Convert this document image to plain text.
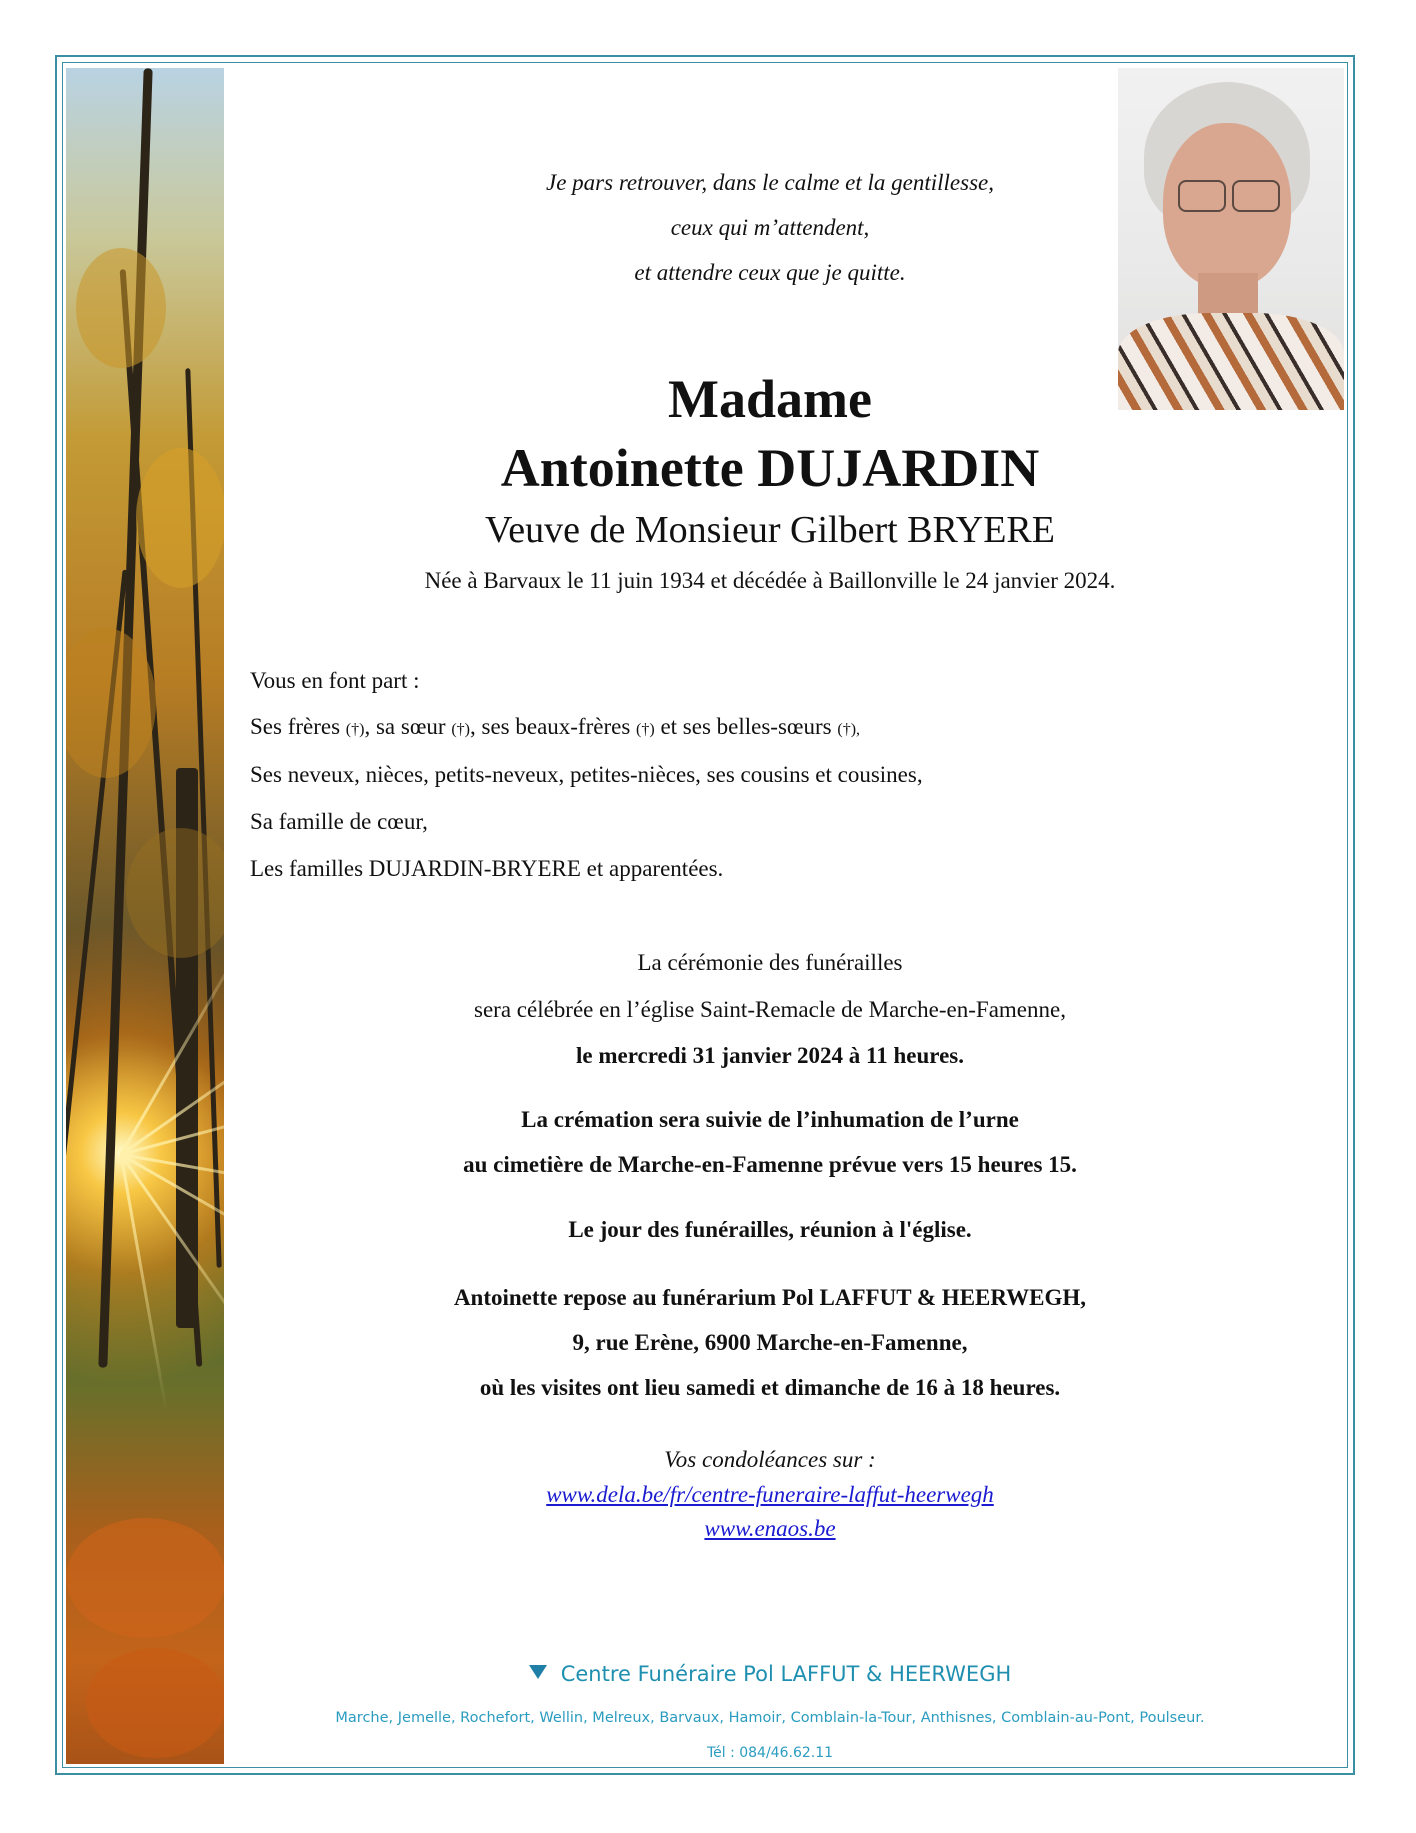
Je pars retrouver, dans le calme et la gentillesse,
ceux qui m’attendent,
et attendre ceux que je quitte.
Madame
Antoinette DUJARDIN
Veuve de Monsieur Gilbert BRYERE
Née à Barvaux le 11 juin 1934 et décédée à Baillonville le 24 janvier 2024.
Vous en font part :
Ses frères (†), sa sœur (†), ses beaux-frères (†) et ses belles-sœurs (†),
Ses neveux, nièces, petits-neveux, petites-nièces, ses cousins et cousines,
Sa famille de cœur,
Les familles DUJARDIN-BRYERE et apparentées.
La cérémonie des funérailles
sera célébrée en l’église Saint-Remacle de Marche-en-Famenne,
le mercredi 31 janvier 2024 à 11 heures.
La crémation sera suivie de l’inhumation de l’urne
au cimetière de Marche-en-Famenne prévue vers 15 heures 15.
Le jour des funérailles, réunion à l'église.
Antoinette repose au funérarium Pol LAFFUT & HEERWEGH,
9, rue Erène, 6900 Marche-en-Famenne,
où les visites ont lieu samedi et dimanche de 16 à 18 heures.
Vos condoléances sur :
www.dela.be/fr/centre-funeraire-laffut-heerwegh
www.enaos.be
Centre Funéraire Pol LAFFUT & HEERWEGH
Marche, Jemelle, Rochefort, Wellin, Melreux, Barvaux, Hamoir, Comblain-la-Tour, Anthisnes, Comblain-au-Pont, Poulseur.
Tél : 084/46.62.11
